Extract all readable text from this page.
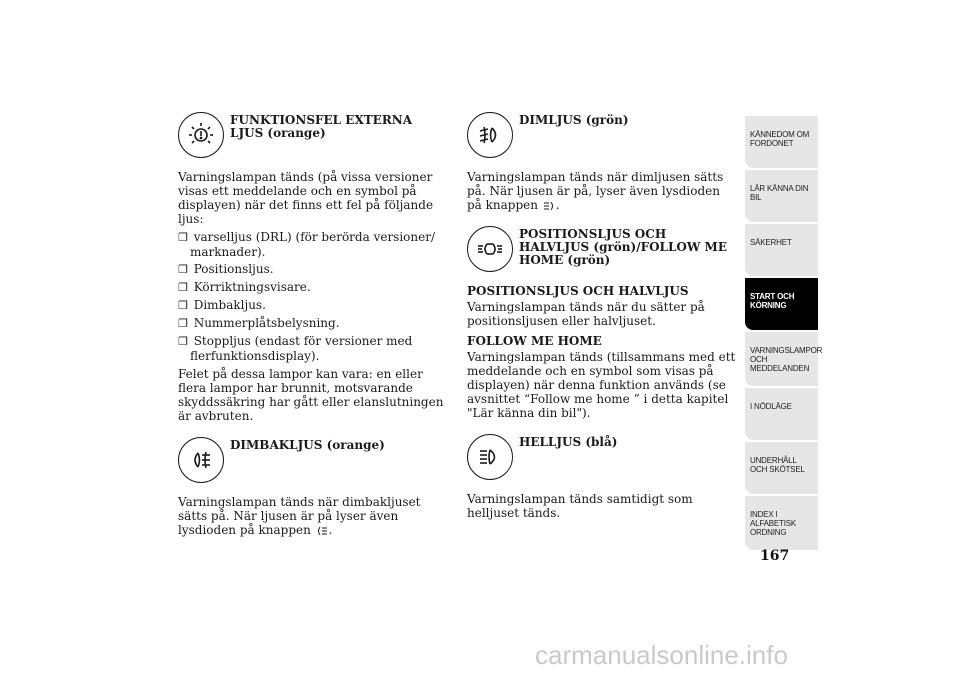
FUNKTIONSFEL EXTERNA LJUS (orange)

Varningslampan tänds (på vissa versioner visas ett meddelande och en symbol på displayen) när det finns ett fel på följande ljus:

❐ varselljus (DRL) (för berörda versioner/ marknader).
❐ Positionsljus.
❐ Körriktningsvisare.
❐ Dimbakljus.
❐ Nummerplåtsbelysning.
❐ Stoppljus (endast för versioner med flerfunktionsdisplay).

Felet på dessa lampor kan vara: en eller flera lampor har brunnit, motsvarande skyddssäkring har gått eller elanslutningen är avbruten.

DIMBAKLJUS (orange)

Varningslampan tänds när dimbakljuset sätts på. När ljusen är på lyser även lysdioden på knappen .

DIMLJUS (grön)

Varningslampan tänds när dimljusen sätts på. När ljusen är på, lyser även lysdioden på knappen .

POSITIONSLJUS OCH HALVLJUS (grön)/FOLLOW ME HOME (grön)
POSITIONSLJUS OCH HALVLJUS

Varningslampan tänds när du sätter på positionsljusen eller halvljuset.

FOLLOW ME HOME

Varningslampan tänds (tillsammans med ett meddelande och en symbol som visas på displayen) när denna funktion används (se avsnittet “Follow me home ” i detta kapitel "Lär känna din bil").

HELLJUS (blå)

Varningslampan tänds samtidigt som helljuset tänds.

KÄNNEDOM OM FORDONET
LÄR KÄNNA DIN BIL
SÄKERHET
START OCH KÖRNING
VARNINGSLAMPOR OCH MEDDELANDEN
I NÖDLÄGE
UNDERHÅLL OCH SKÖTSEL
INDEX I ALFABETISK ORDNING
167
carmanualsonline.info
